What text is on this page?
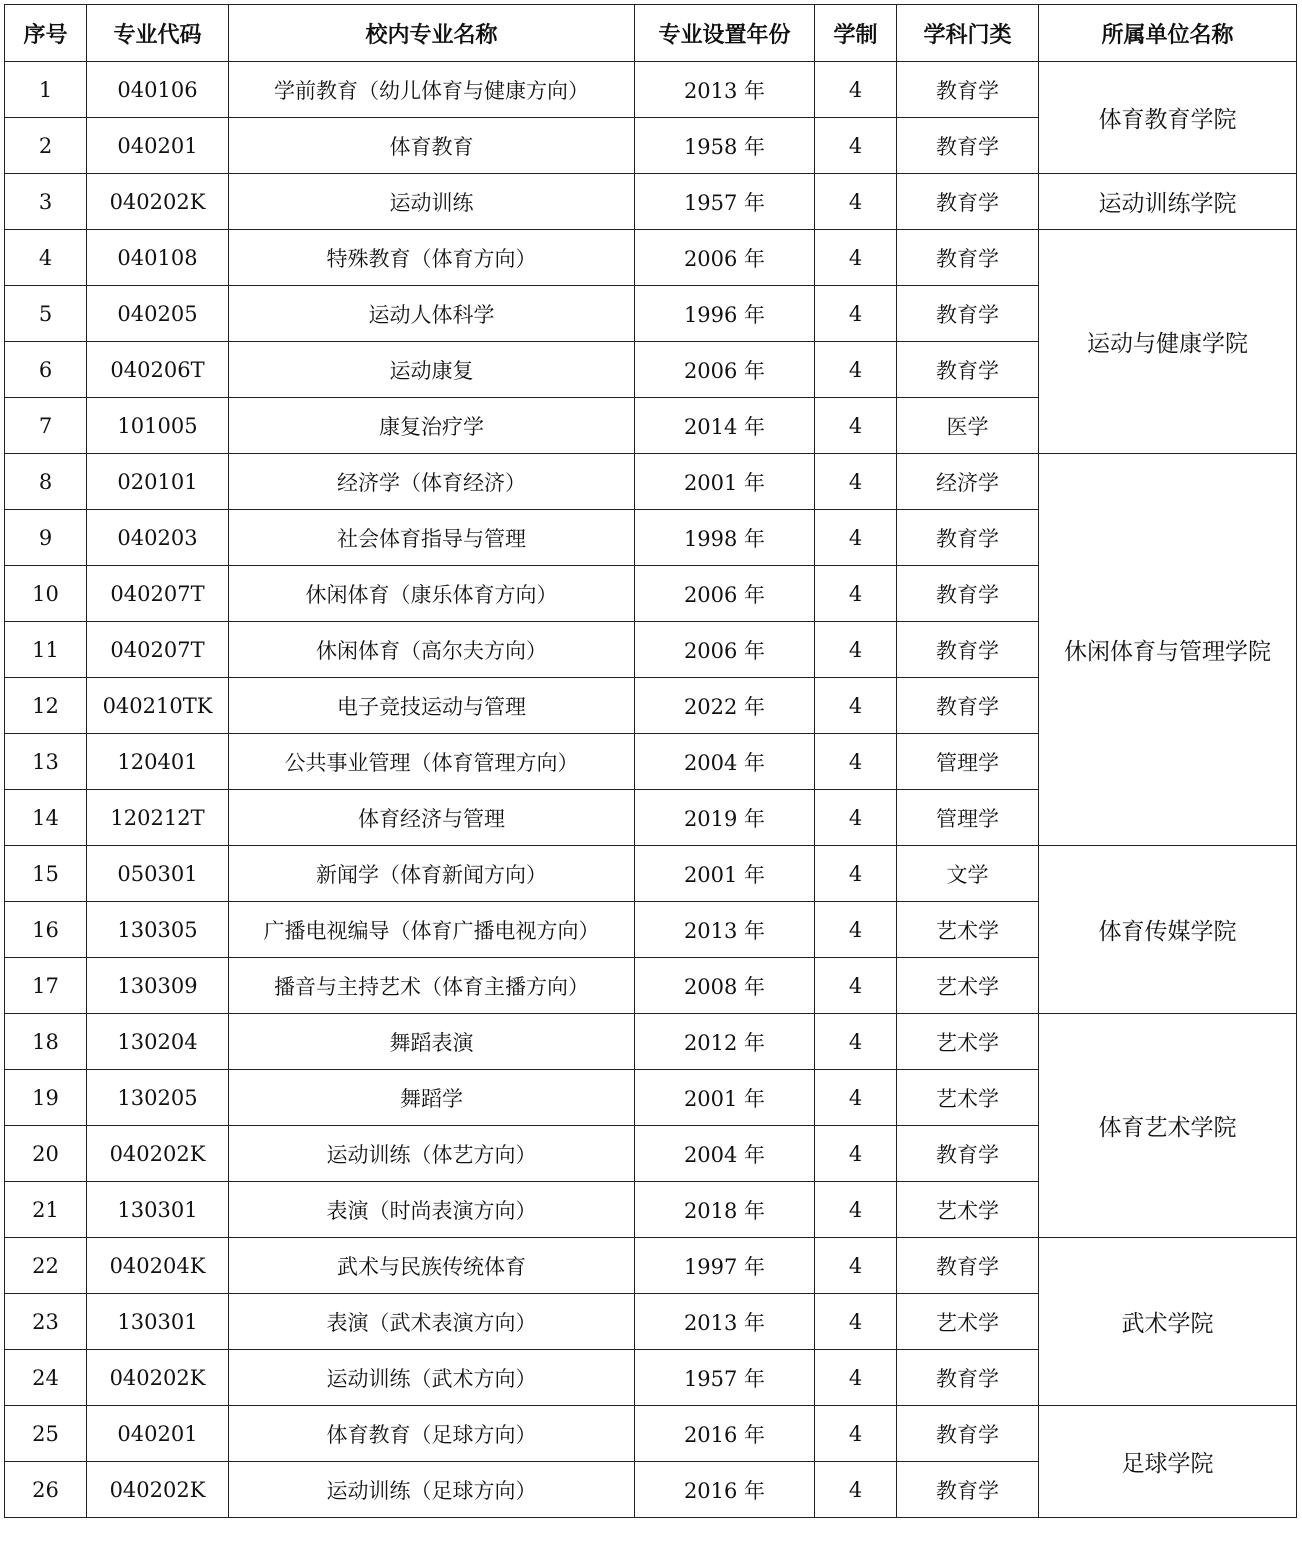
序号	专业代码	校内专业名称	专业设置年份	学制	学科门类	所属单位名称
1	040106	学前教育（幼儿体育与健康方向）	2013 年	4	教育学	体育教育学院
2	040201	体育教育	1958 年	4	教育学	
3	040202K	运动训练	1957 年	4	教育学	运动训练学院
4	040108	特殊教育（体育方向）	2006 年	4	教育学	运动与健康学院
5	040205	运动人体科学	1996 年	4	教育学	
6	040206T	运动康复	2006 年	4	教育学	
7	101005	康复治疗学	2014 年	4	医学	
8	020101	经济学（体育经济）	2001 年	4	经济学	休闲体育与管理学院
9	040203	社会体育指导与管理	1998 年	4	教育学	
10	040207T	休闲体育（康乐体育方向）	2006 年	4	教育学	
11	040207T	休闲体育（高尔夫方向）	2006 年	4	教育学	
12	040210TK	电子竞技运动与管理	2022 年	4	教育学	
13	120401	公共事业管理（体育管理方向）	2004 年	4	管理学	
14	120212T	体育经济与管理	2019 年	4	管理学	
15	050301	新闻学（体育新闻方向）	2001 年	4	文学	体育传媒学院
16	130305	广播电视编导（体育广播电视方向）	2013 年	4	艺术学	
17	130309	播音与主持艺术（体育主播方向）	2008 年	4	艺术学	
18	130204	舞蹈表演	2012 年	4	艺术学	体育艺术学院
19	130205	舞蹈学	2001 年	4	艺术学	
20	040202K	运动训练（体艺方向）	2004 年	4	教育学	
21	130301	表演（时尚表演方向）	2018 年	4	艺术学	
22	040204K	武术与民族传统体育	1997 年	4	教育学	武术学院
23	130301	表演（武术表演方向）	2013 年	4	艺术学	
24	040202K	运动训练（武术方向）	1957 年	4	教育学	
25	040201	体育教育（足球方向）	2016 年	4	教育学	足球学院
26	040202K	运动训练（足球方向）	2016 年	4	教育学	
